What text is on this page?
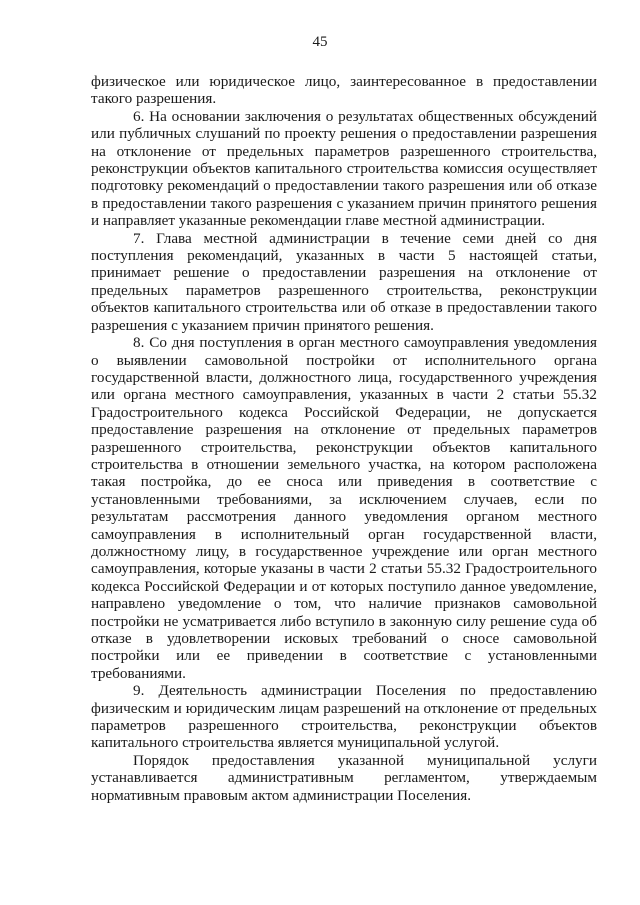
45

физическое или юридическое лицо, заинтересованное в предоставлении такого разрешения.

6. На основании заключения о результатах общественных обсуждений или публичных слушаний по проекту решения о предоставлении разрешения на отклонение от предельных параметров разрешенного строительства, реконструкции объектов капитального строительства комиссия осуществляет подготовку рекомендаций о предоставлении такого разрешения или об отказе в предоставлении такого разрешения с указанием причин принятого решения и направляет указанные рекомендации главе местной администрации.

7. Глава местной администрации в течение семи дней со дня поступления рекомендаций, указанных в части 5 настоящей статьи, принимает решение о предоставлении разрешения на отклонение от предельных параметров разрешенного строительства, реконструкции объектов капитального строительства или об отказе в предоставлении такого разрешения с указанием причин принятого решения.

8. Со дня поступления в орган местного самоуправления уведомления о выявлении самовольной постройки от исполнительного органа государственной власти, должностного лица, государственного учреждения или органа местного самоуправления, указанных в части 2 статьи 55.32 Градостроительного кодекса Российской Федерации, не допускается предоставление разрешения на отклонение от предельных параметров разрешенного строительства, реконструкции объектов капитального строительства в отношении земельного участка, на котором расположена такая постройка, до ее сноса или приведения в соответствие с установленными требованиями, за исключением случаев, если по результатам рассмотрения данного уведомления органом местного самоуправления в исполнительный орган государственной власти, должностному лицу, в государственное учреждение или орган местного самоуправления, которые указаны в части 2 статьи 55.32 Градостроительного кодекса Российской Федерации и от которых поступило данное уведомление, направлено уведомление о том, что наличие признаков самовольной постройки не усматривается либо вступило в законную силу решение суда об отказе в удовлетворении исковых требований о сносе самовольной постройки или ее приведении в соответствие с установленными требованиями.

9. Деятельность администрации Поселения по предоставлению физическим и юридическим лицам разрешений на отклонение от предельных параметров разрешенного строительства, реконструкции объектов капитального строительства является муниципальной услугой.

Порядок предоставления указанной муниципальной услуги устанавливается административным регламентом, утверждаемым нормативным правовым актом администрации Поселения.
